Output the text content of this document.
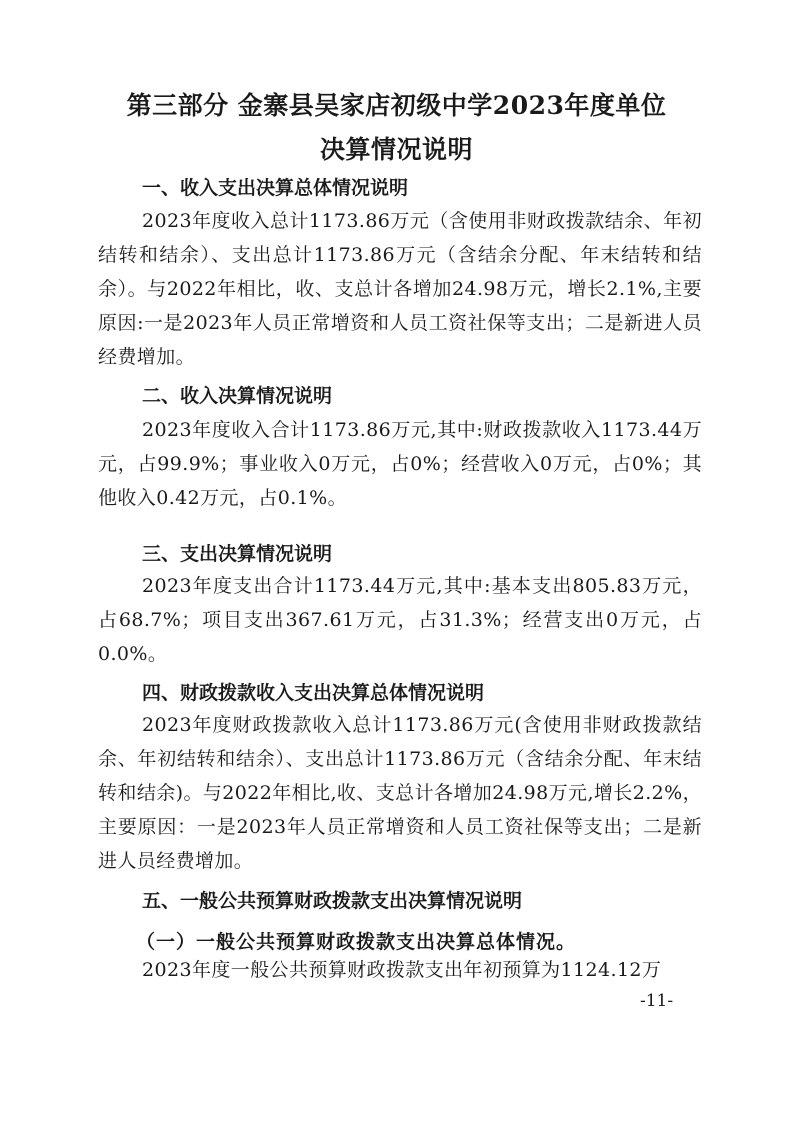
第三部分 金寨县吴家店初级中学2023年度单位
决算情况说明
一、收入支出决算总体情况说明
2023年度收入总计1173.86万元（含使用非财政拨款结余、年初结转和结余）、支出总计1173.86万元（含结余分配、年末结转和结余）。与2022年相比，收、支总计各增加24.98万元，增长2.1%,主要原因:一是2023年人员正常增资和人员工资社保等支出；二是新进人员经费增加。
二、收入决算情况说明
2023年度收入合计1173.86万元,其中:财政拨款收入1173.44万元，占99.9%；事业收入0万元，占0%；经营收入0万元，占0%；其他收入0.42万元，占0.1%。
三、支出决算情况说明
2023年度支出合计1173.44万元,其中:基本支出805.83万元，占68.7%；项目支出367.61万元，占31.3%；经营支出0万元，占0.0%。
四、财政拨款收入支出决算总体情况说明
2023年度财政拨款收入总计1173.86万元(含使用非财政拨款结余、年初结转和结余）、支出总计1173.86万元（含结余分配、年末结转和结余)。与2022年相比,收、支总计各增加24.98万元,增长2.2%，主要原因：一是2023年人员正常增资和人员工资社保等支出；二是新进人员经费增加。
五、一般公共预算财政拨款支出决算情况说明
（一）一般公共预算财政拨款支出决算总体情况。
2023年度一般公共预算财政拨款支出年初预算为1124.12万
-11-
